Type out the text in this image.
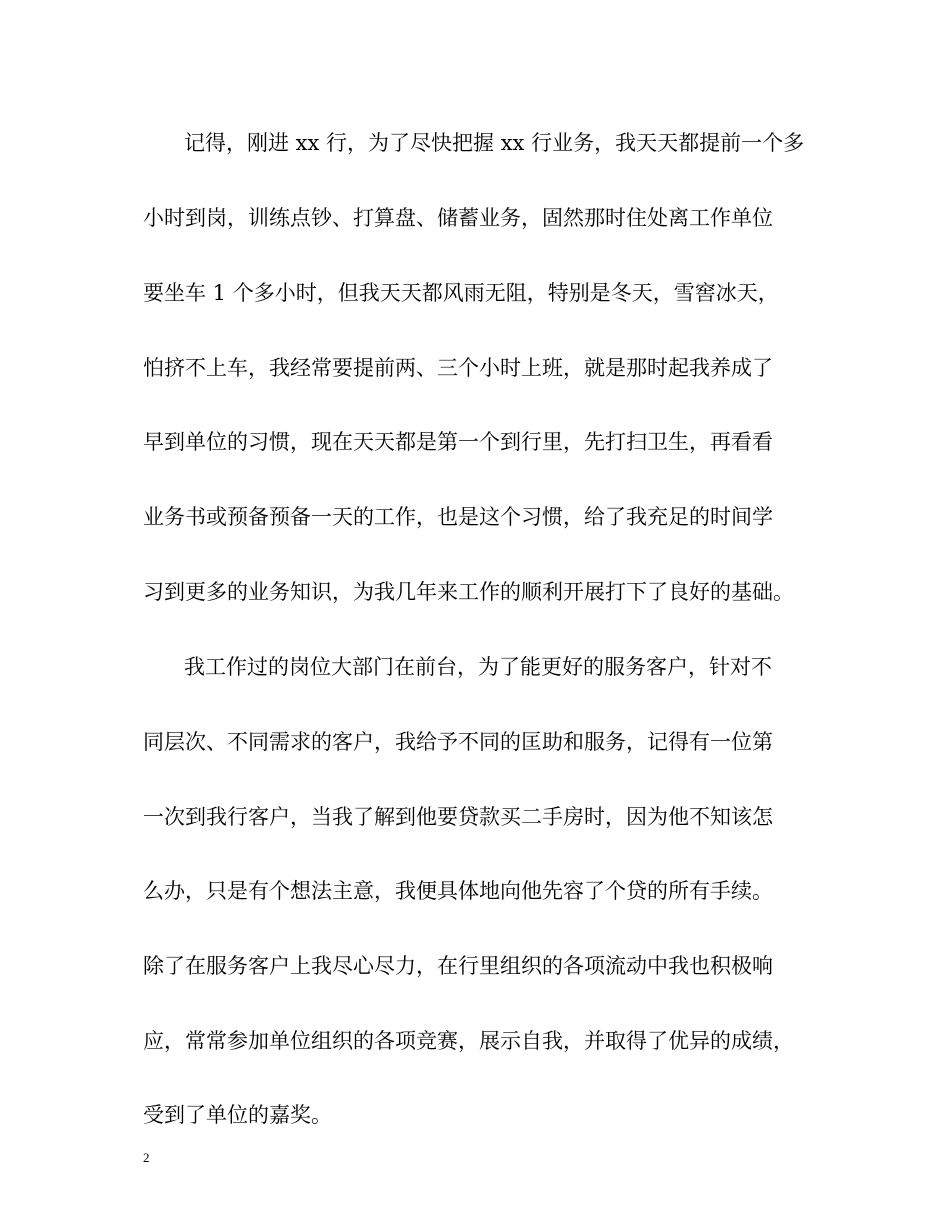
记得，刚进 xx 行，为了尽快把握 xx 行业务，我天天都提前一个多
小时到岗，训练点钞、打算盘、储蓄业务，固然那时住处离工作单位
要坐车 1 个多小时，但我天天都风雨无阻，特别是冬天，雪窖冰天，
怕挤不上车，我经常要提前两、三个小时上班，就是那时起我养成了
早到单位的习惯，现在天天都是第一个到行里，先打扫卫生，再看看
业务书或预备预备一天的工作，也是这个习惯，给了我充足的时间学
习到更多的业务知识，为我几年来工作的顺利开展打下了良好的基础。
我工作过的岗位大部门在前台，为了能更好的服务客户，针对不
同层次、不同需求的客户，我给予不同的匡助和服务，记得有一位第
一次到我行客户，当我了解到他要贷款买二手房时，因为他不知该怎
么办，只是有个想法主意，我便具体地向他先容了个贷的所有手续。
除了在服务客户上我尽心尽力，在行里组织的各项流动中我也积极响
应，常常参加单位组织的各项竞赛，展示自我，并取得了优异的成绩，
受到了单位的嘉奖。
2
